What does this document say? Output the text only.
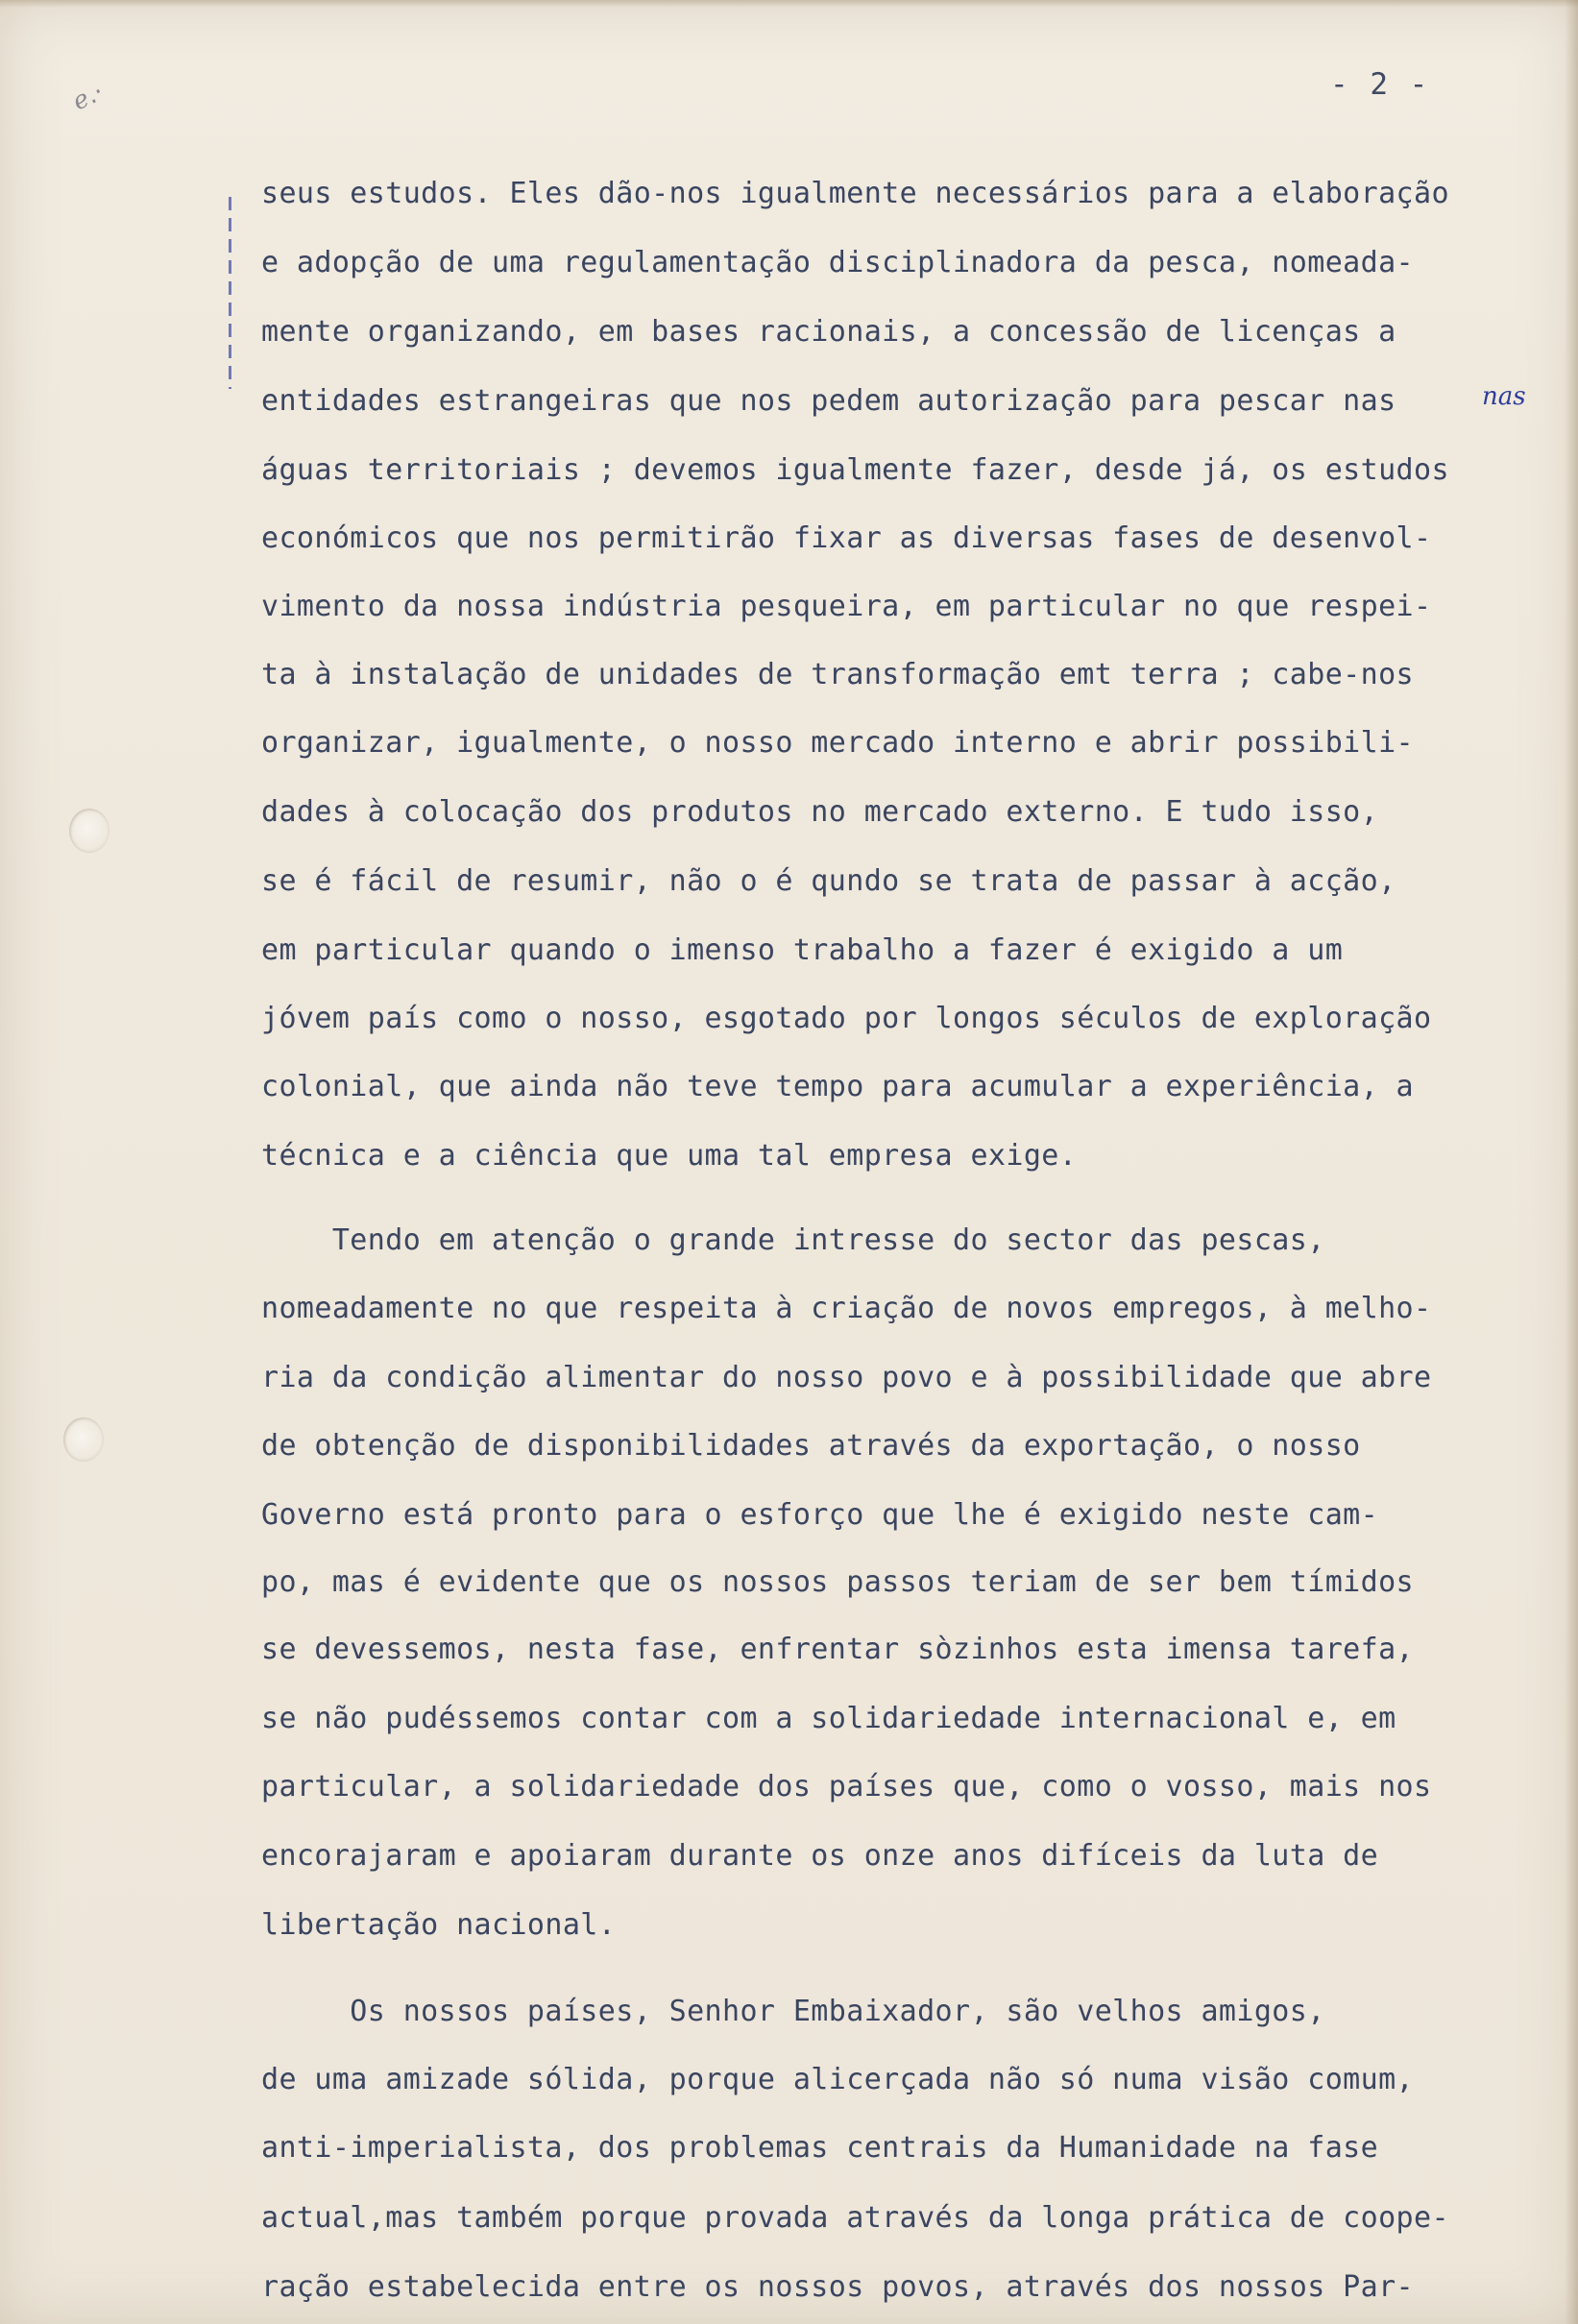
ℯ.·	- 2 -
nas
seus estudos. Eles dão-nos igualmente necessários para a elaboração
e adopção de uma regulamentação disciplinadora da pesca, nomeada-
mente organizando, em bases racionais, a concessão de licenças a
entidades estrangeiras que nos pedem autorização para pescar nas
águas territoriais ; devemos igualmente fazer, desde já, os estudos
económicos que nos permitirão fixar as diversas fases de desenvol-
vimento da nossa indústria pesqueira, em particular no que respei-
ta à instalação de unidades de transformação emt terra ; cabe-nos
organizar, igualmente, o nosso mercado interno e abrir possibili-
dades à colocação dos produtos no mercado externo. E tudo isso,
se é fácil de resumir, não o é qundo se trata de passar à acção,
em particular quando o imenso trabalho a fazer é exigido a um
jóvem país como o nosso, esgotado por longos séculos de exploração
colonial, que ainda não teve tempo para acumular a experiência, a
técnica e a ciência que uma tal empresa exige.
Tendo em atenção o grande intresse do sector das pescas,
nomeadamente no que respeita à criação de novos empregos, à melho-
ria da condição alimentar do nosso povo e à possibilidade que abre
de obtenção de disponibilidades através da exportação, o nosso
Governo está pronto para o esforço que lhe é exigido neste cam-
po, mas é evidente que os nossos passos teriam de ser bem tímidos
se devessemos, nesta fase, enfrentar sòzinhos esta imensa tarefa,
se não pudéssemos contar com a solidariedade internacional e, em
particular, a solidariedade dos países que, como o vosso, mais nos
encorajaram e apoiaram durante os onze anos difíceis da luta de
libertação nacional.
Os nossos países, Senhor Embaixador, são velhos amigos,
de uma amizade sólida, porque alicerçada não só numa visão comum,
anti-imperialista, dos problemas centrais da Humanidade na fase
actual,mas também porque provada através da longa prática de coope-
ração estabelecida entre os nossos povos, através dos nossos Par-
